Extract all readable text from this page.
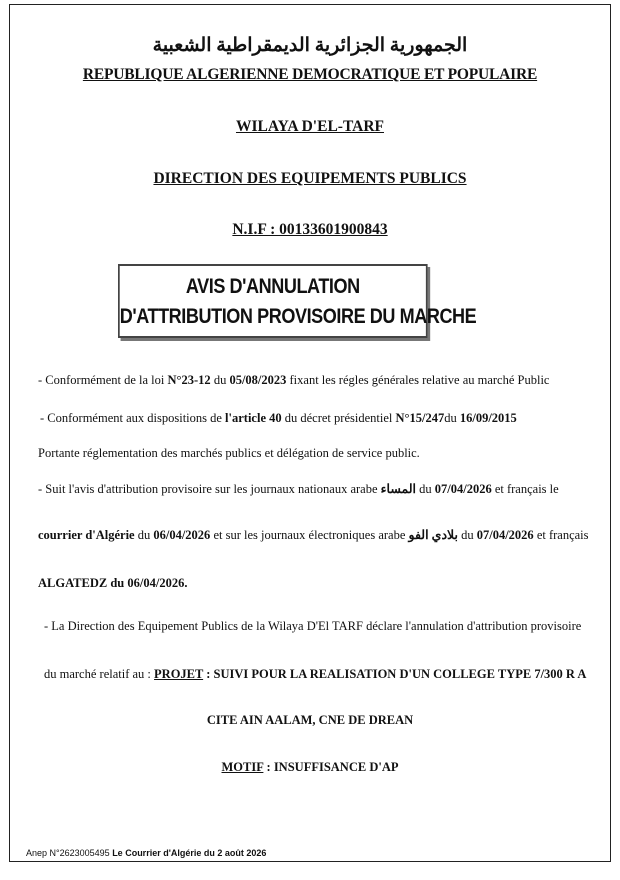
الجمهورية الجزائرية الديمقراطية الشعبية
REPUBLIQUE ALGERIENNE DEMOCRATIQUE ET POPULAIRE
WILAYA D'EL-TARF
DIRECTION DES EQUIPEMENTS PUBLICS
N.I.F : 00133601900843
AVIS D'ANNULATION
D'ATTRIBUTION PROVISOIRE DU MARCHE
- Conformément de la loi N°23-12 du 05/08/2023 fixant les régles générales relative au marché Public
- Conformément aux dispositions de l'article 40 du décret présidentiel N°15/247du 16/09/2015
Portante réglementation des marchés publics et délégation de service public.
- Suit l'avis d'attribution provisoire sur les journaux nationaux arabe المساء du 07/04/2026 et français le
courrier d'Algérie du 06/04/2026 et sur les journaux électroniques arabe بلادي الفو du 07/04/2026 et français
ALGATEDZ du 06/04/2026.
- La Direction des Equipement Publics de la Wilaya D'El TARF déclare l'annulation d'attribution provisoire
du marché relatif au : PROJET : SUIVI POUR LA REALISATION D'UN COLLEGE TYPE 7/300 R A
CITE AIN AALAM, CNE DE DREAN
MOTIF : INSUFFISANCE D'AP
Anep N°2623005495 Le Courrier d'Algérie du 2 août 2026
